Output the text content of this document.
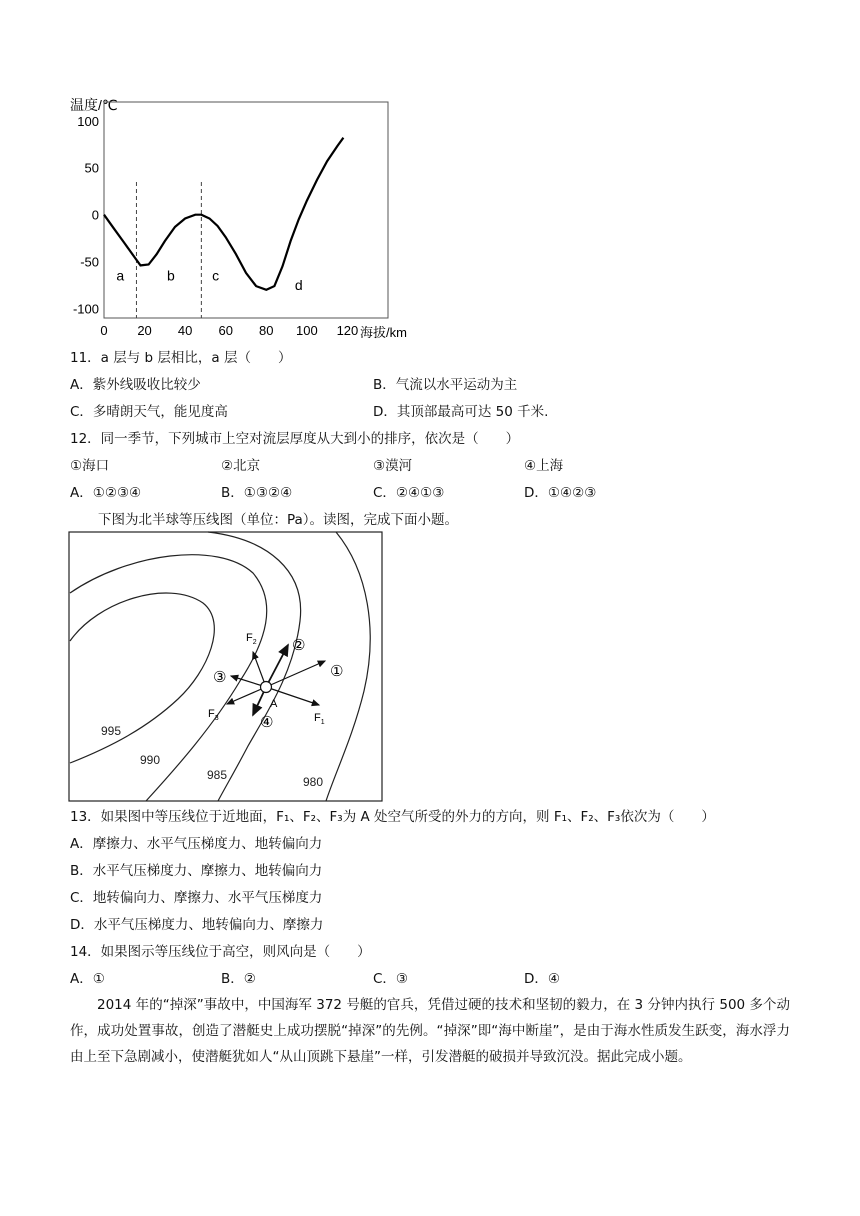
温度/℃
100
50
0
-50
-100
0 20 40 60 80 100 120
a	b	c
d
海拔/km
11．a 层与 b 层相比，a 层（　　）
A．紫外线吸收比较少	B．气流以水平运动为主
C．多晴朗天气，能见度高	D．其顶部最高可达 50 千米.
12．同一季节，下列城市上空对流层厚度从大到小的排序，依次是（　　）
①海口	②北京	③漠河	④上海
A．①②③④	B．①③②④	C．②④①③	D．①④②③
下图为北半球等压线图（单位：Pa）。读图，完成下面小题。
995
990
985	980
A
$F_2$
$F_1$
$F_3$
②
①
③
④
13．如果图中等压线位于近地面，F₁、F₂、F₃为 A 处空气所受的外力的方向，则 F₁、F₂、F₃依次为（　　）
A．摩擦力、水平气压梯度力、地转偏向力
B．水平气压梯度力、摩擦力、地转偏向力
C．地转偏向力、摩擦力、水平气压梯度力
D．水平气压梯度力、地转偏向力、摩擦力
14．如果图示等压线位于高空，则风向是（　　）
A．①	B．②	C．③	D．④
2014 年的“掉深”事故中，中国海军 372 号艇的官兵，凭借过硬的技术和坚韧的毅力，在 3 分钟内执行 500 多个动作，成功处置事故，创造了潜艇史上成功摆脱“掉深”的先例。“掉深”即“海中断崖”，是由于海水性质发生跃变，海水浮力由上至下急剧减小，使潜艇犹如人“从山顶跳下悬崖”一样，引发潜艇的破损并导致沉没。据此完成小题。
